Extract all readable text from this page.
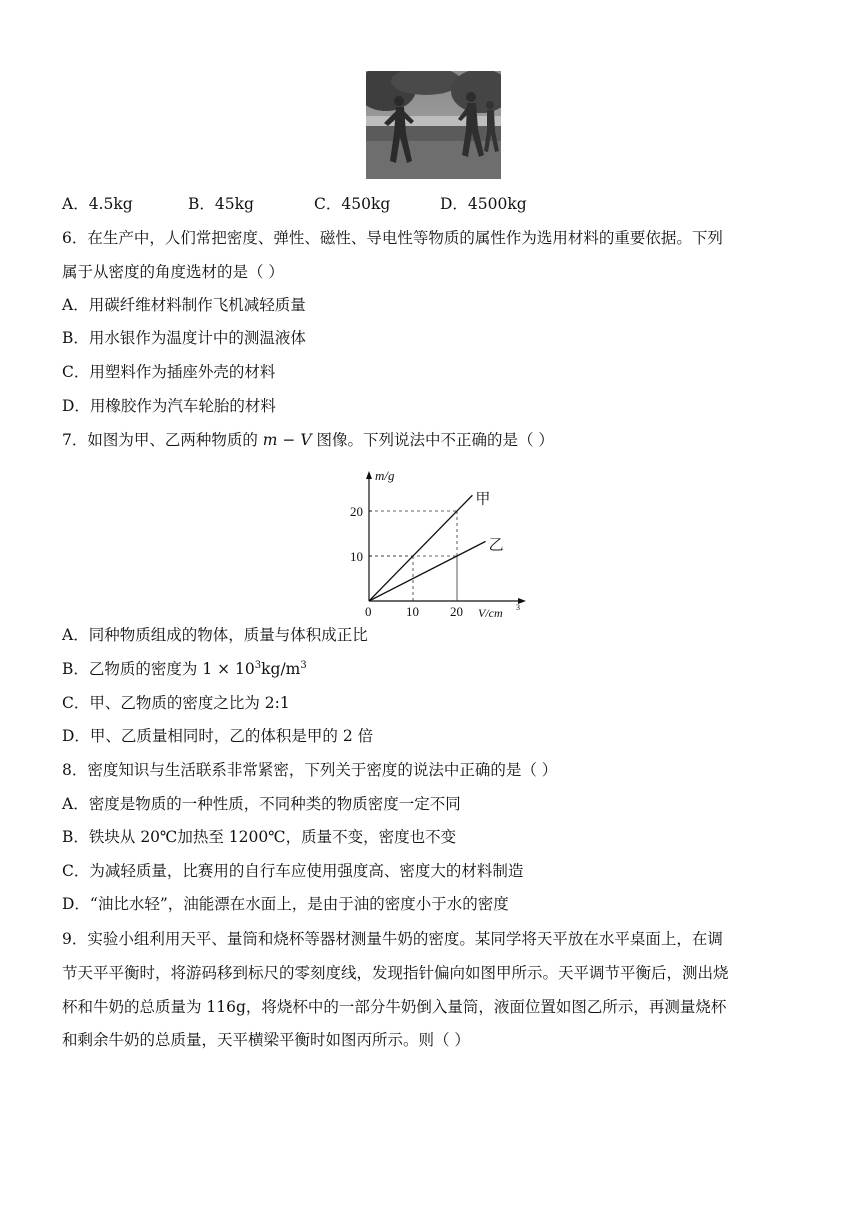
A．4.5kg	B．45kg	C．450kg	D．4500kg
6．在生产中，人们常把密度、弹性、磁性、导电性等物质的属性作为选用材料的重要依据。下列
属于从密度的角度选材的是（ ）
A．用碳纤维材料制作飞机减轻质量
B．用水银作为温度计中的测温液体
C．用塑料作为插座外壳的材料
D．用橡胶作为汽车轮胎的材料
7．如图为甲、乙两种物质的 m − V 图像。下列说法中不正确的是（ ）
甲
乙
10 20
10
20
0
m/g
V/cm 3
A．同种物质组成的物体，质量与体积成正比
B．乙物质的密度为 $1 \times 10^3kg/m^3$
C．甲、乙物质的密度之比为 2:1
D．甲、乙质量相同时，乙的体积是甲的 2 倍
8．密度知识与生活联系非常紧密，下列关于密度的说法中正确的是（ ）
A．密度是物质的一种性质，不同种类的物质密度一定不同
B．铁块从 20℃加热至 1200℃，质量不变，密度也不变
C．为减轻质量，比赛用的自行车应使用强度高、密度大的材料制造
D．“油比水轻”，油能漂在水面上，是由于油的密度小于水的密度
9．实验小组利用天平、量筒和烧杯等器材测量牛奶的密度。某同学将天平放在水平桌面上，在调
节天平平衡时，将游码移到标尺的零刻度线，发现指针偏向如图甲所示。天平调节平衡后，测出烧
杯和牛奶的总质量为 116g，将烧杯中的一部分牛奶倒入量筒，液面位置如图乙所示，再测量烧杯
和剩余牛奶的总质量，天平横梁平衡时如图丙所示。则（ ）
